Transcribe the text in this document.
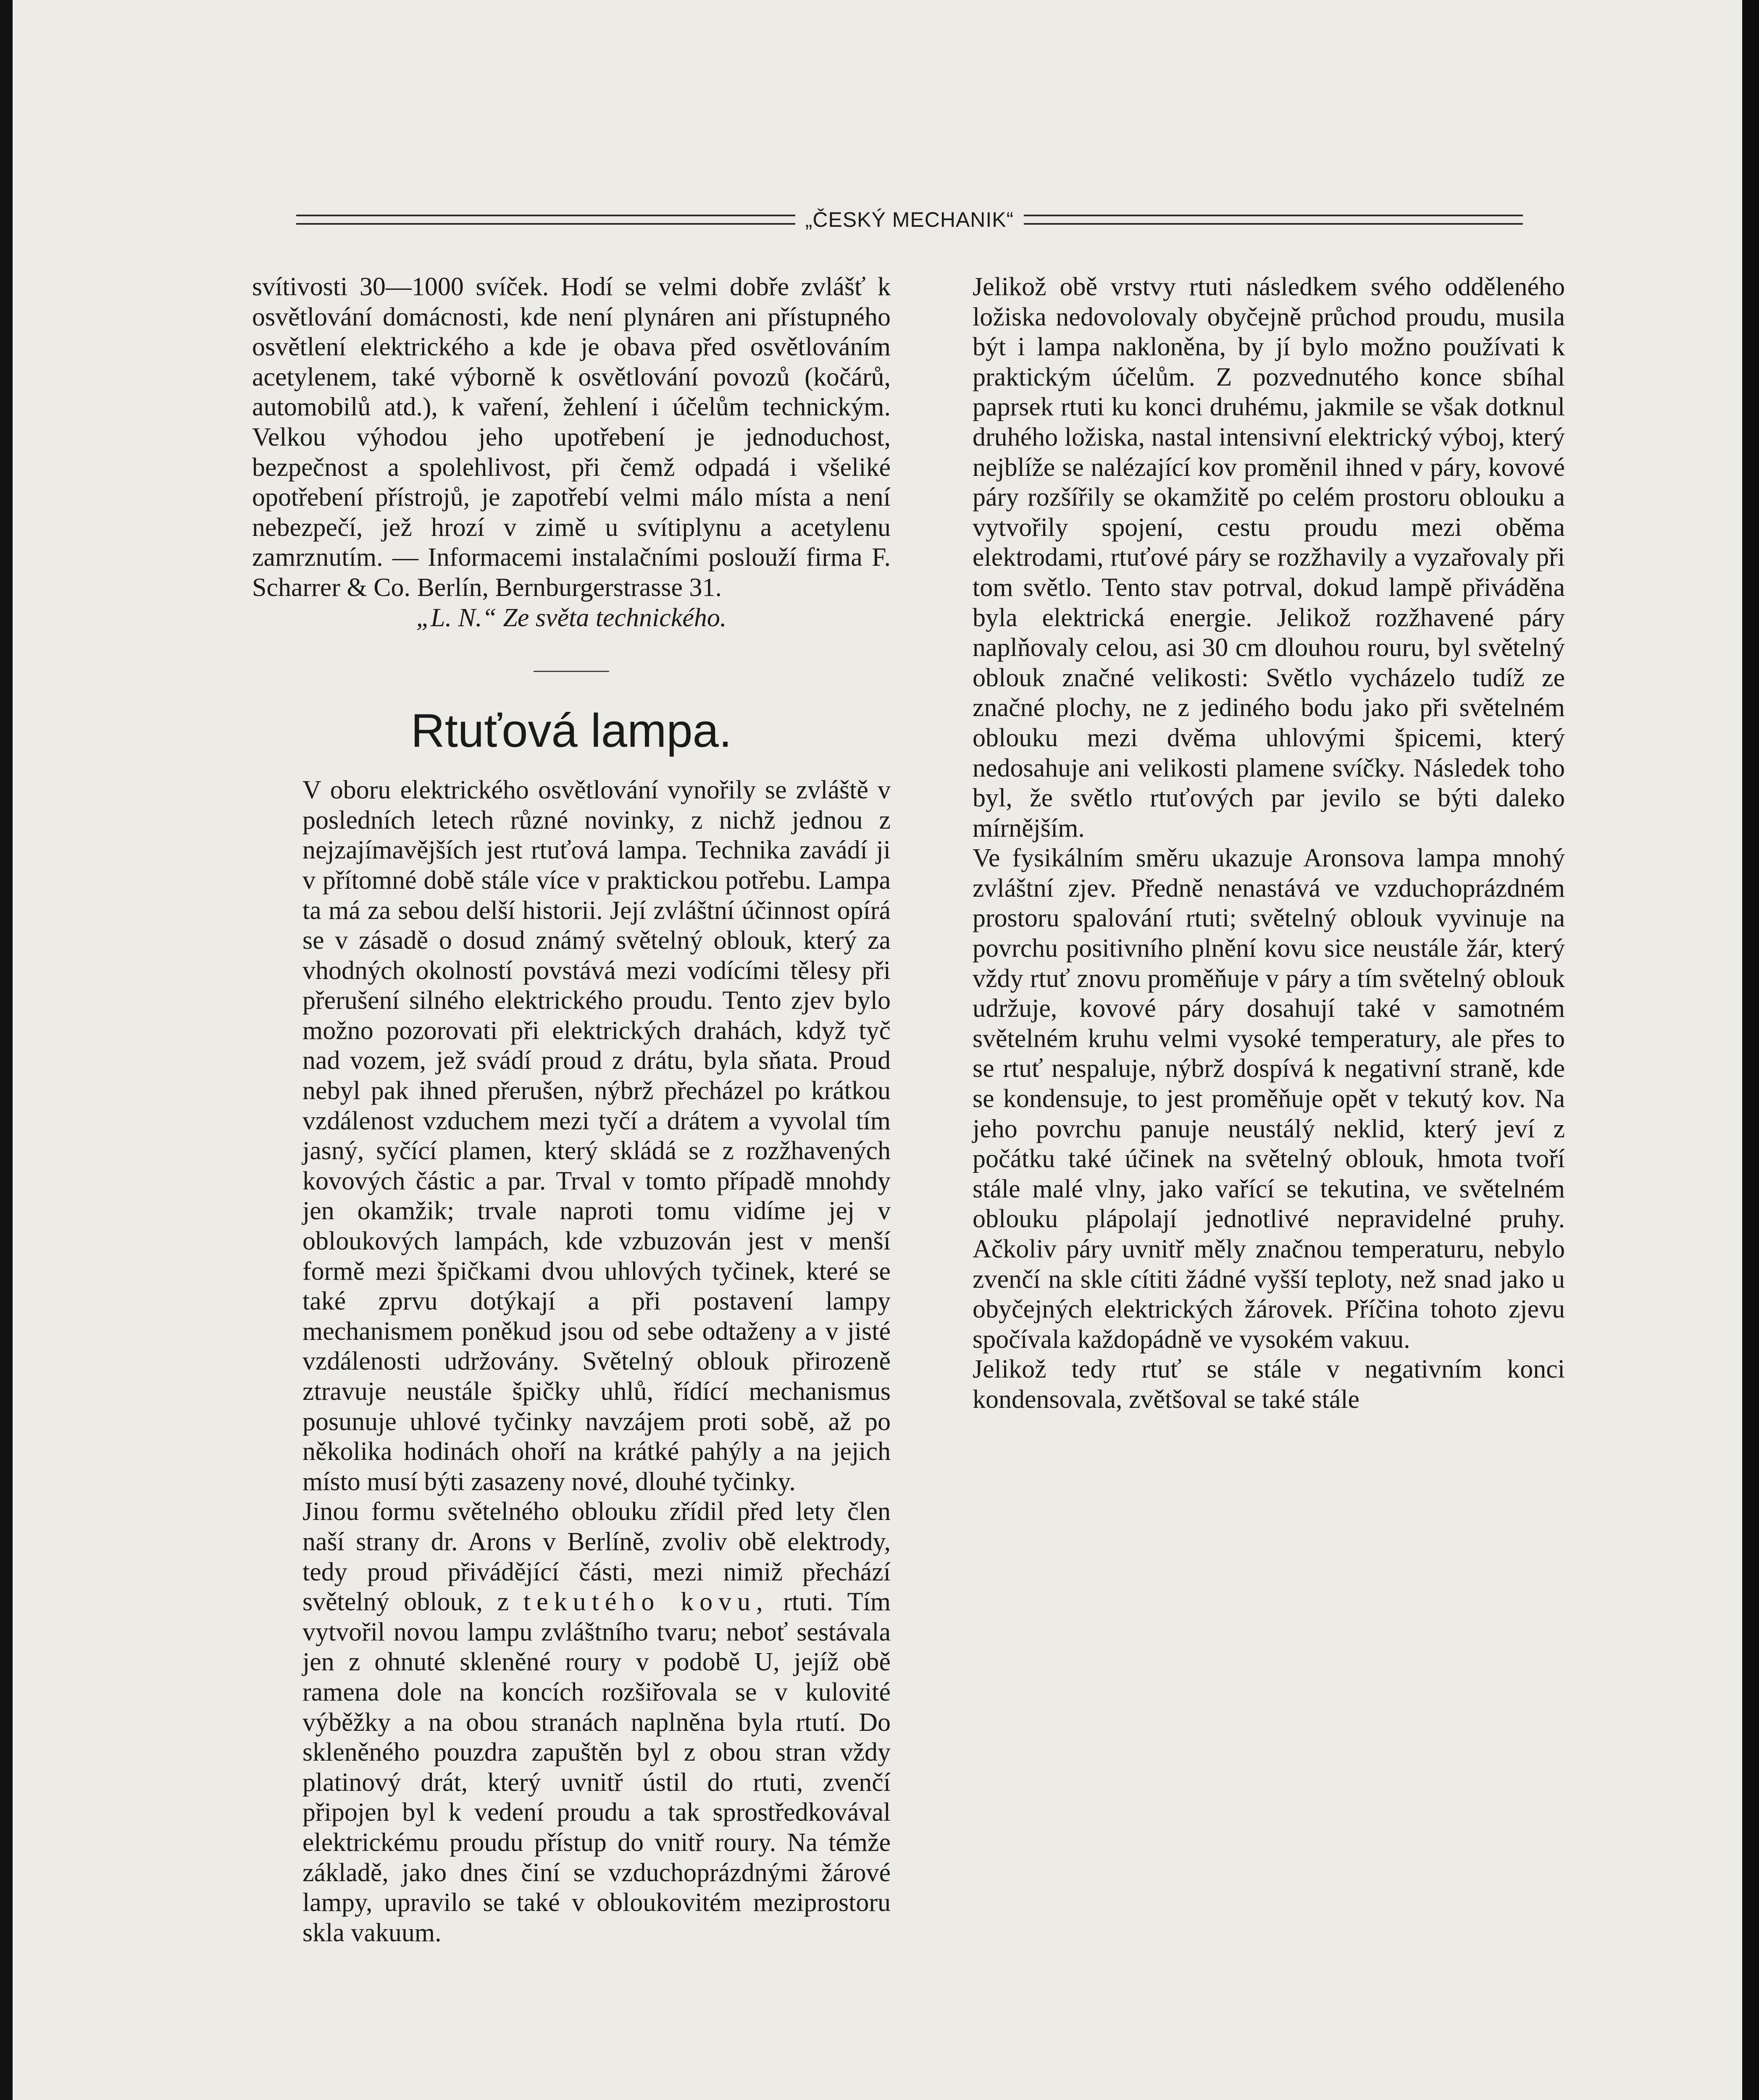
„ČESKÝ MECHANIK“

svítivosti 30—1000 svíček. Hodí se velmi dobře zvlášť k osvětlování domácnosti, kde není plynáren ani přístupného osvětlení elektrického a kde je obava před osvětlováním acetylenem, také výborně k osvětlování povozů (kočárů, automobilů atd.), k vaření, žehlení i účelům technickým. Velkou výhodou jeho upotřebení je jednoduchost, bezpečnost a spolehlivost, při čemž odpadá i všeliké opotřebení přístrojů, je zapotřebí velmi málo místa a není nebezpečí, jež hrozí v zimě u svítiplynu a acetylenu zamrznutím. — Informacemi instalačními poslouží firma F. Scharrer & Co. Berlín, Bernburgerstrasse 31.

„L. N.“ Ze světa technického.

Rtuťová lampa.

V oboru elektrického osvětlování vynořily se zvláště v posledních letech různé novinky, z nichž jednou z nejzajímavějších jest rtuťová lampa. Technika zavádí ji v přítomné době stále více v praktickou potřebu. Lampa ta má za sebou delší historii. Její zvláštní účinnost opírá se v zásadě o dosud známý světelný oblouk, který za vhodných okolností povstává mezi vodícími tělesy při přerušení silného elektrického proudu. Tento zjev bylo možno pozorovati při elektrických drahách, když tyč nad vozem, jež svádí proud z drátu, byla sňata. Proud nebyl pak ihned přerušen, nýbrž přecházel po krátkou vzdálenost vzduchem mezi tyčí a drátem a vyvolal tím jasný, syčící plamen, který skládá se z rozžhavených kovových částic a par. Trval v tomto případě mnohdy jen okamžik; trvale naproti tomu vidíme jej v obloukových lampách, kde vzbuzován jest v menší formě mezi špičkami dvou uhlových tyčinek, které se také zprvu dotýkají a při postavení lampy mechanismem poněkud jsou od sebe odtaženy a v jisté vzdálenosti udržovány. Světelný oblouk přirozeně ztravuje neustále špičky uhlů, řídící mechanismus posunuje uhlové tyčinky navzájem proti sobě, až po několika hodinách ohoří na krátké pahýly a na jejich místo musí býti zasazeny nové, dlouhé tyčinky.

Jinou formu světelného oblouku zřídil před lety člen naší strany dr. Arons v Berlíně, zvoliv obě elektrody, tedy proud přivádějící části, mezi nimiž přechází světelný oblouk, z tekutého kovu, rtuti. Tím vytvořil novou lampu zvláštního tvaru; neboť sestávala jen z ohnuté skleněné roury v podobě U, jejíž obě ramena dole na koncích rozšiřovala se v kulovité výběžky a na obou stranách naplněna byla rtutí. Do skleněného pouzdra zapuštěn byl z obou stran vždy platinový drát, který uvnitř ústil do rtuti, zvenčí připojen byl k vedení proudu a tak sprostředkovával elektrickému proudu přístup do vnitř roury. Na témže základě, jako dnes činí se vzduchoprázdnými žárové lampy, upravilo se také v obloukovitém meziprostoru skla vakuum.

Jelikož obě vrstvy rtuti následkem svého odděleného ložiska nedovolovaly obyčejně průchod proudu, musila být i lampa nakloněna, by jí bylo možno používati k praktickým účelům. Z pozvednutého konce sbíhal paprsek rtuti ku konci druhému, jakmile se však dotknul druhého ložiska, nastal intensivní elektrický výboj, který nejblíže se nalézající kov proměnil ihned v páry, kovové páry rozšířily se okamžitě po celém prostoru oblouku a vytvořily spojení, cestu proudu mezi oběma elektrodami, rtuťové páry se rozžhavily a vyzařovaly při tom světlo. Tento stav potrval, dokud lampě přiváděna byla elektrická energie. Jelikož rozžhavené páry naplňovaly celou, asi 30 cm dlouhou rouru, byl světelný oblouk značné velikosti: Světlo vycházelo tudíž ze značné plochy, ne z jediného bodu jako při světelném oblouku mezi dvěma uhlovými špicemi, který nedosahuje ani velikosti plamene svíčky. Následek toho byl, že světlo rtuťových par jevilo se býti daleko mírnějším.

Ve fysikálním směru ukazuje Aronsova lampa mnohý zvláštní zjev. Předně nenastává ve vzduchoprázdném prostoru spalování rtuti; světelný oblouk vyvinuje na povrchu positivního plnění kovu sice neustále žár, který vždy rtuť znovu proměňuje v páry a tím světelný oblouk udržuje, kovové páry dosahují také v samotném světelném kruhu velmi vysoké temperatury, ale přes to se rtuť nespaluje, nýbrž dospívá k negativní straně, kde se kondensuje, to jest proměňuje opět v tekutý kov. Na jeho povrchu panuje neustálý neklid, který jeví z počátku také účinek na světelný oblouk, hmota tvoří stále malé vlny, jako vařící se tekutina, ve světelném oblouku plápolají jednotlivé nepravidelné pruhy. Ačkoliv páry uvnitř měly značnou temperaturu, nebylo zvenčí na skle cítiti žádné vyšší teploty, než snad jako u obyčejných elektrických žárovek. Příčina tohoto zjevu spočívala každopádně ve vysokém vakuu.

Jelikož tedy rtuť se stále v negativním konci kondensovala, zvětšoval se také stále
